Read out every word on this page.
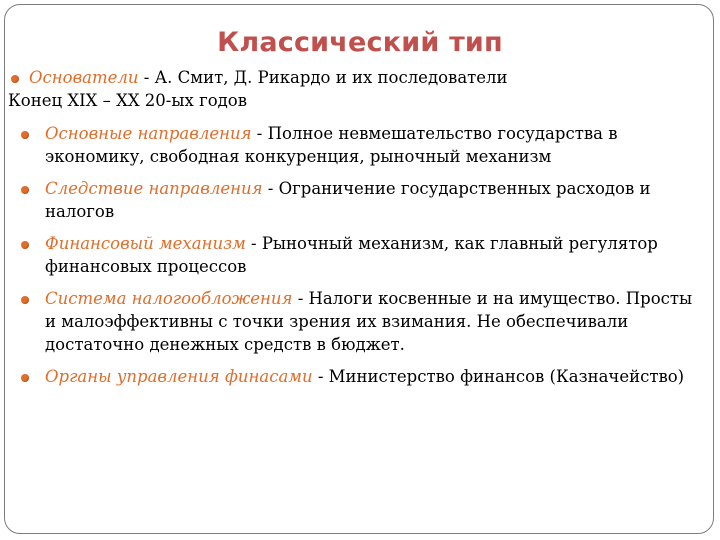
Классический тип
Основатели - А. Смит, Д. Рикардо и их последователи
Конец XIX – XX 20-ых годов
Основные направления - Полное невмешательство государства в экономику, свободная конкуренция, рыночный механизм
Следствие направления - Ограничение государственных расходов и налогов
Финансовый механизм - Рыночный механизм, как главный регулятор финансовых процессов
Система налогообложения - Налоги косвенные и на имущество. Просты и малоэффективны с точки зрения их взимания. Не обеспечивали достаточно денежных средств в бюджет.
Органы управления финасами - Министерство финансов (Казначейство)
